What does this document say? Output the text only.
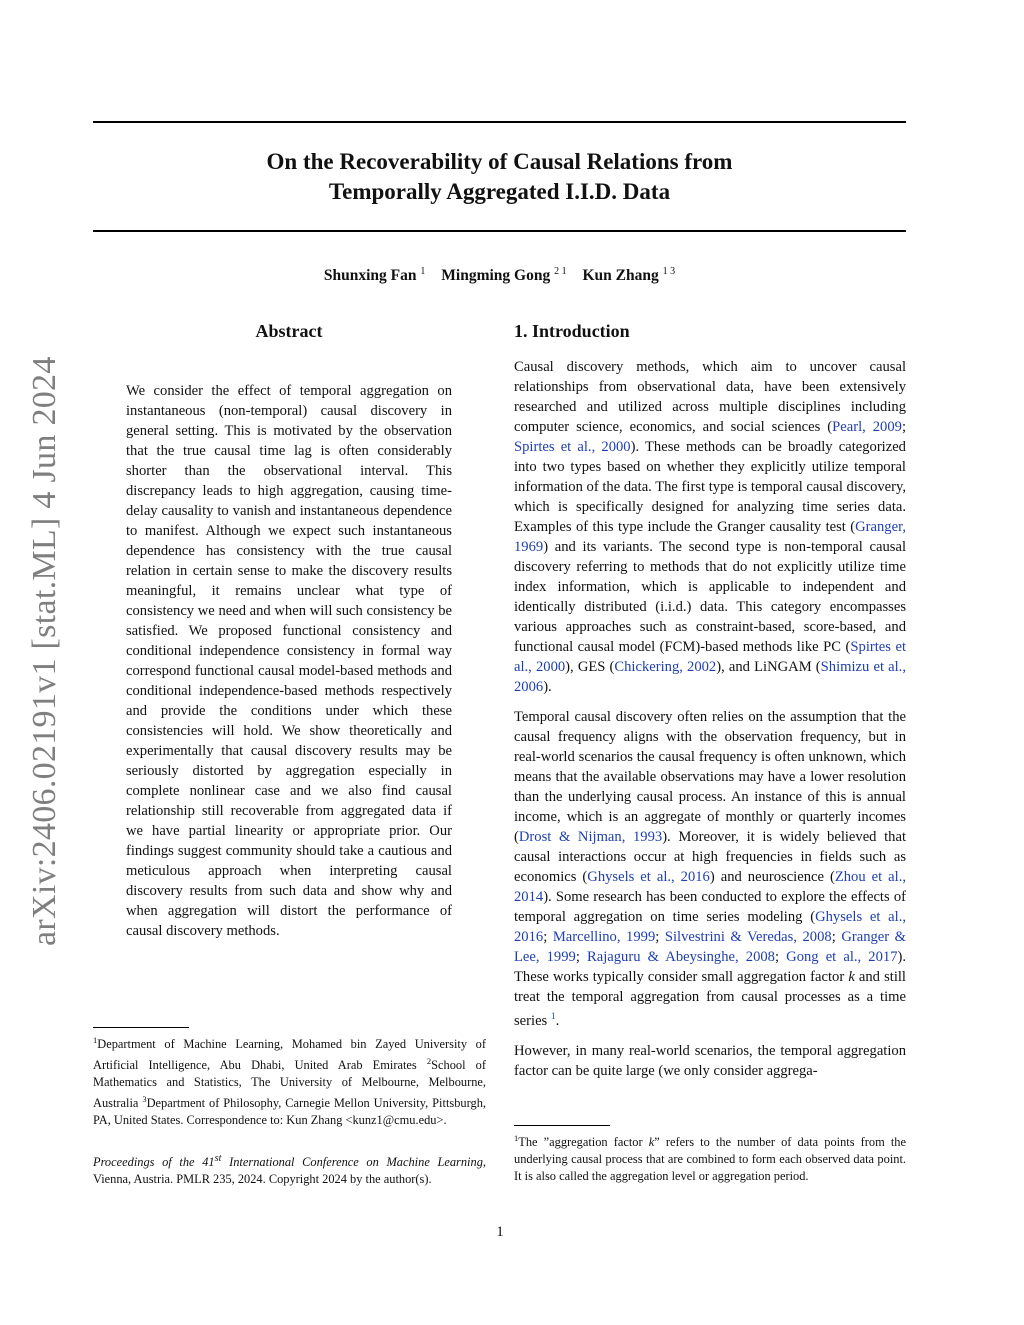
arXiv:2406.02191v1 [stat.ML] 4 Jun 2024
On the Recoverability of Causal Relations from
Temporally Aggregated I.I.D. Data
Shunxing Fan $^1$ Mingming Gong $^{2 1}$ Kun Zhang $^{1 3}$
Abstract
We consider the effect of temporal aggregation on instantaneous (non-temporal) causal discovery in general setting. This is motivated by the observation that the true causal time lag is often considerably shorter than the observational interval. This discrepancy leads to high aggregation, causing time-delay causality to vanish and instantaneous dependence to manifest. Although we expect such instantaneous dependence has consistency with the true causal relation in certain sense to make the discovery results meaningful, it remains unclear what type of consistency we need and when will such consistency be satisfied. We proposed functional consistency and conditional independence consistency in formal way correspond functional causal model-based methods and conditional independence-based methods respectively and provide the conditions under which these consistencies will hold. We show theoretically and experimentally that causal discovery results may be seriously distorted by aggregation especially in complete nonlinear case and we also find causal relationship still recoverable from aggregated data if we have partial linearity or appropriate prior. Our findings suggest community should take a cautious and meticulous approach when interpreting causal discovery results from such data and show why and when aggregation will distort the performance of causal discovery methods.
$^1$Department of Machine Learning, Mohamed bin Zayed University of Artificial Intelligence, Abu Dhabi, United Arab Emirates $^2$School of Mathematics and Statistics, The University of Melbourne, Melbourne, Australia $^3$Department of Philosophy, Carnegie Mellon University, Pittsburgh, PA, United States. Correspondence to: Kun Zhang <kunz1@cmu.edu>.
Proceedings of the 41st International Conference on Machine Learning, Vienna, Austria. PMLR 235, 2024. Copyright 2024 by the author(s).
1. Introduction

Causal discovery methods, which aim to uncover causal relationships from observational data, have been extensively researched and utilized across multiple disciplines including computer science, economics, and social sciences (Pearl, 2009; Spirtes et al., 2000). These methods can be broadly categorized into two types based on whether they explicitly utilize temporal information of the data. The first type is temporal causal discovery, which is specifically designed for analyzing time series data. Examples of this type include the Granger causality test (Granger, 1969) and its variants. The second type is non-temporal causal discovery referring to methods that do not explicitly utilize time index information, which is applicable to independent and identically distributed (i.i.d.) data. This category encompasses various approaches such as constraint-based, score-based, and functional causal model (FCM)-based methods like PC (Spirtes et al., 2000), GES (Chickering, 2002), and LiNGAM (Shimizu et al., 2006).

Temporal causal discovery often relies on the assumption that the causal frequency aligns with the observation frequency, but in real-world scenarios the causal frequency is often unknown, which means that the available observations may have a lower resolution than the underlying causal process. An instance of this is annual income, which is an aggregate of monthly or quarterly incomes (Drost & Nijman, 1993). Moreover, it is widely believed that causal interactions occur at high frequencies in fields such as economics (Ghysels et al., 2016) and neuroscience (Zhou et al., 2014). Some research has been conducted to explore the effects of temporal aggregation on time series modeling (Ghysels et al., 2016; Marcellino, 1999; Silvestrini & Veredas, 2008; Granger & Lee, 1999; Rajaguru & Abeysinghe, 2008; Gong et al., 2017). These works typically consider small aggregation factor k and still treat the temporal aggregation from causal processes as a time series $^1$.

However, in many real-world scenarios, the temporal aggregation factor can be quite large (we only consider aggrega-

$^1$The ”aggregation factor k” refers to the number of data points from the underlying causal process that are combined to form each observed data point. It is also called the aggregation level or aggregation period.
1
